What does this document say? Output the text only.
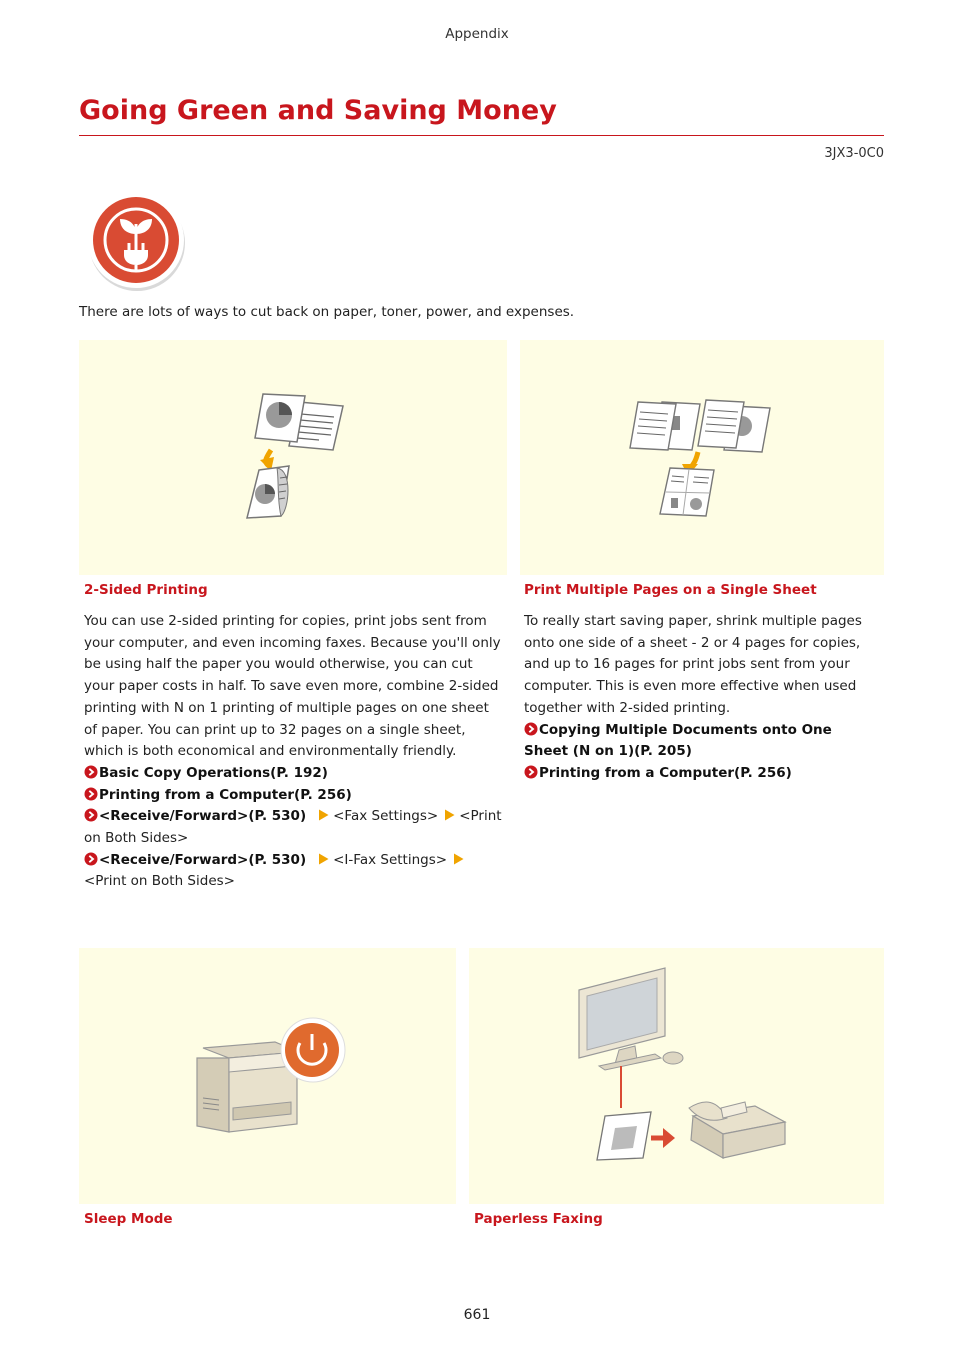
Appendix
Going Green and Saving Money
3JX3-0C0
There are lots of ways to cut back on paper, toner, power, and expenses.
2-Sided Printing	Print Multiple Pages on a Single Sheet

You can use 2-sided printing for copies, print jobs sent from your computer, and even incoming faxes. Because you'll only be using half the paper you would otherwise, you can cut your paper costs in half. To save even more, combine 2-sided printing with N on 1 printing of multiple pages on one sheet of paper. You can print up to 32 pages on a single sheet, which is both economical and environmentally friendly.

Basic Copy Operations(P. 192)
Printing from a Computer(P. 256)
<Receive/Forward>(P. 530) <Fax Settings> <Print on Both Sides>
<Receive/Forward>(P. 530) <I-Fax Settings><Print on Both Sides>

To really start saving paper, shrink multiple pages onto one side of a sheet - 2 or 4 pages for copies, and up to 16 pages for print jobs sent from your computer. This is even more effective when used together with 2-sided printing.

Copying Multiple Documents onto One Sheet (N on 1)(P. 205)
Printing from a Computer(P. 256)
Sleep Mode	Paperless Faxing
661
